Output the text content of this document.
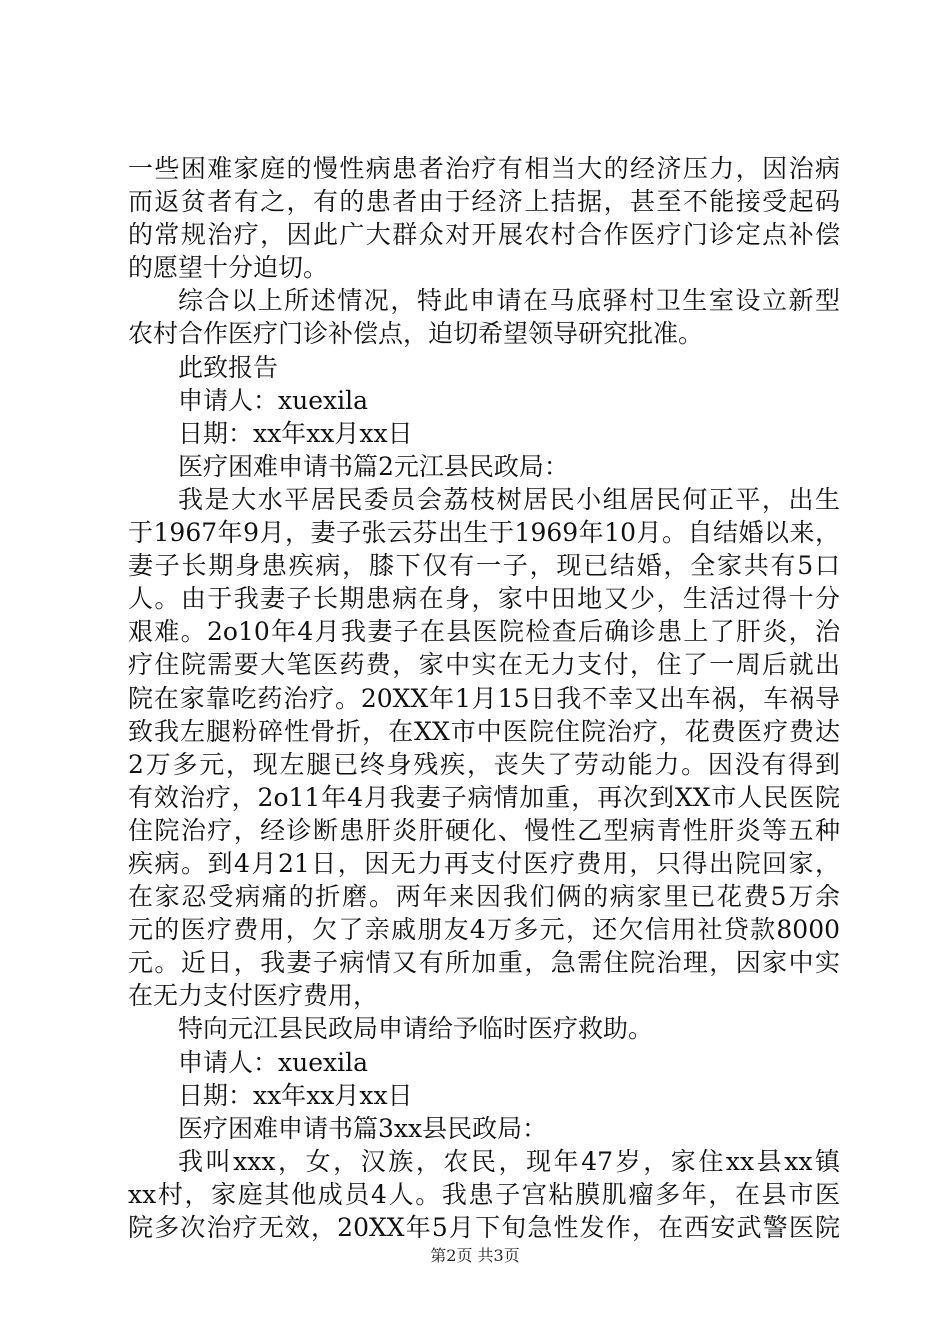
一些困难家庭的慢性病患者治疗有相当大的经济压力，因治病
而返贫者有之，有的患者由于经济上拮据，甚至不能接受起码
的常规治疗，因此广大群众对开展农村合作医疗门诊定点补偿
的愿望十分迫切。
综合以上所述情况，特此申请在马底驿村卫生室设立新型
农村合作医疗门诊补偿点，迫切希望领导研究批准。
此致报告
申请人：xuexila
日期：xx年xx月xx日
医疗困难申请书篇2元江县民政局：
我是大水平居民委员会荔枝树居民小组居民何正平，出生
于1967年9月，妻子张云芬出生于1969年10月。自结婚以来，
妻子长期身患疾病，膝下仅有一子，现已结婚，全家共有5口
人。由于我妻子长期患病在身，家中田地又少，生活过得十分
艰难。2o10年4月我妻子在县医院检查后确诊患上了肝炎，治
疗住院需要大笔医药费，家中实在无力支付，住了一周后就出
院在家靠吃药治疗。20XX年1月15日我不幸又出车祸，车祸导
致我左腿粉碎性骨折，在XX市中医院住院治疗，花费医疗费达
2万多元，现左腿已终身残疾，丧失了劳动能力。因没有得到
有效治疗，2o11年4月我妻子病情加重，再次到XX市人民医院
住院治疗，经诊断患肝炎肝硬化、慢性乙型病青性肝炎等五种
疾病。到4月21日，因无力再支付医疗费用，只得出院回家，
在家忍受病痛的折磨。两年来因我们俩的病家里已花费5万余
元的医疗费用，欠了亲戚朋友4万多元，还欠信用社贷款8000
元。近日，我妻子病情又有所加重，急需住院治理，因家中实
在无力支付医疗费用，
特向元江县民政局申请给予临时医疗救助。
申请人：xuexila
日期：xx年xx月xx日
医疗困难申请书篇3xx县民政局：
我叫xxx，女，汉族，农民，现年47岁，家住xx县xx镇
xx村，家庭其他成员4人。我患子宫粘膜肌瘤多年，在县市医
院多次治疗无效，20XX年5月下旬急性发作，在西安武警医院
第2页 共3页
